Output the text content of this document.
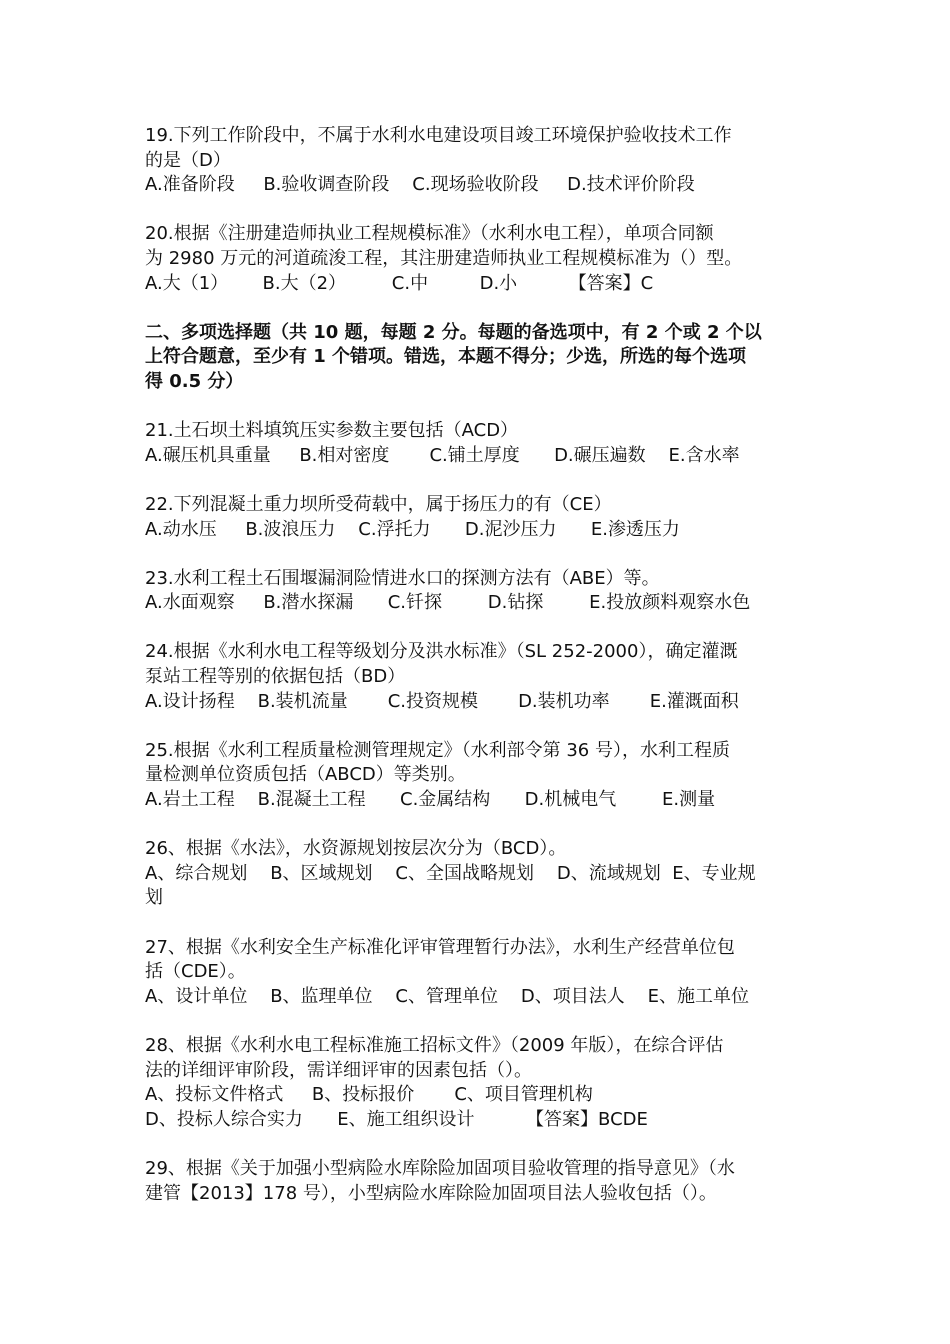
19.下列工作阶段中，不属于水利水电建设项目竣工环境保护验收技术工作
的是（D）
A.准备阶段     B.验收调查阶段    C.现场验收阶段     D.技术评价阶段
20.根据《注册建造师执业工程规模标准》（水利水电工程），单项合同额
为 2980 万元的河道疏浚工程，其注册建造师执业工程规模标准为（）型。
A.大（1）      B.大（2）        C.中         D.小         【答案】C
二、多项选择题（共 10 题，每题 2 分。每题的备选项中，有 2 个或 2 个以
上符合题意，至少有 1 个错项。错选，本题不得分；少选，所选的每个选项
得 0.5 分）
21.土石坝土料填筑压实参数主要包括（ACD）
A.碾压机具重量     B.相对密度       C.铺土厚度      D.碾压遍数    E.含水率
22.下列混凝土重力坝所受荷载中，属于扬压力的有（CE）
A.动水压     B.波浪压力    C.浮托力      D.泥沙压力      E.渗透压力
23.水利工程土石围堰漏洞险情进水口的探测方法有（ABE）等。
A.水面观察     B.潜水探漏      C.钎探        D.钻探        E.投放颜料观察水色
24.根据《水利水电工程等级划分及洪水标准》（SL 252-2000），确定灌溉
泵站工程等别的依据包括（BD）
A.设计扬程    B.装机流量       C.投资规模       D.装机功率       E.灌溉面积
25.根据《水利工程质量检测管理规定》（水利部令第 36 号），水利工程质
量检测单位资质包括（ABCD）等类别。
A.岩土工程    B.混凝土工程      C.金属结构      D.机械电气        E.测量
26、根据《水法》，水资源规划按层次分为（BCD）。
A、综合规划    B、区域规划    C、全国战略规划    D、流域规划  E、专业规
划
27、根据《水利安全生产标准化评审管理暂行办法》，水利生产经营单位包
括（CDE）。
A、设计单位    B、监理单位    C、管理单位    D、项目法人    E、施工单位
28、根据《水利水电工程标准施工招标文件》（2009 年版），在综合评估
法的详细评审阶段，需详细评审的因素包括（）。
A、投标文件格式     B、投标报价       C、项目管理机构
D、投标人综合实力      E、施工组织设计         【答案】BCDE
29、根据《关于加强小型病险水库除险加固项目验收管理的指导意见》（水
建管【2013】178 号），小型病险水库除险加固项目法人验收包括（）。
